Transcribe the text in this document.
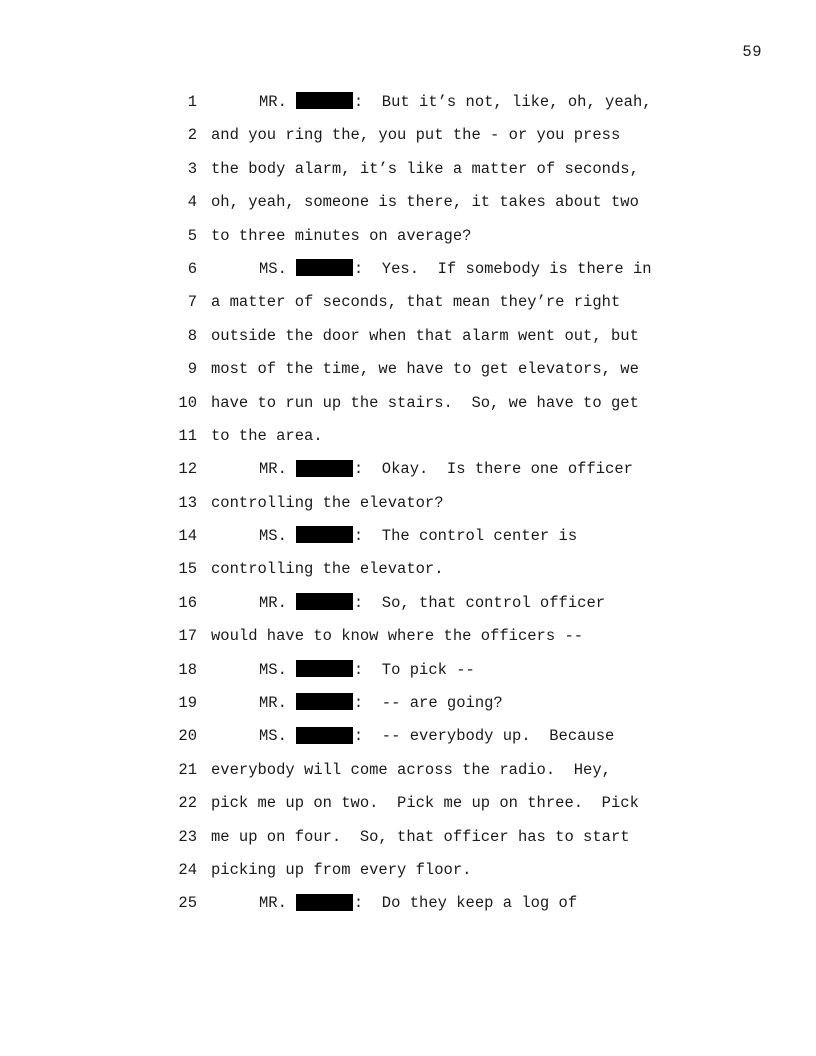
59
1	MR.	:  But it’s not, like, oh, yeah,
2 and you ring the, you put the - or you press
3 the body alarm, it’s like a matter of seconds,
4 oh, yeah, someone is there, it takes about two
5 to three minutes on average?
6	MS.	:  Yes.  If somebody is there in
7 a matter of seconds, that mean they’re right
8 outside the door when that alarm went out, but
9 most of the time, we have to get elevators, we
10 have to run up the stairs.  So, we have to get
11 to the area.
12	MR.	:  Okay.  Is there one officer
13 controlling the elevator?
14	MS.	:  The control center is
15 controlling the elevator.
16	MR.	:  So, that control officer
17 would have to know where the officers --
18	MS.	:  To pick --
19	MR.	:  -- are going?
20	MS.	:  -- everybody up.  Because
21 everybody will come across the radio.  Hey,
22 pick me up on two.  Pick me up on three.  Pick
23 me up on four.  So, that officer has to start
24 picking up from every floor.
25	MR.	:  Do they keep a log of
